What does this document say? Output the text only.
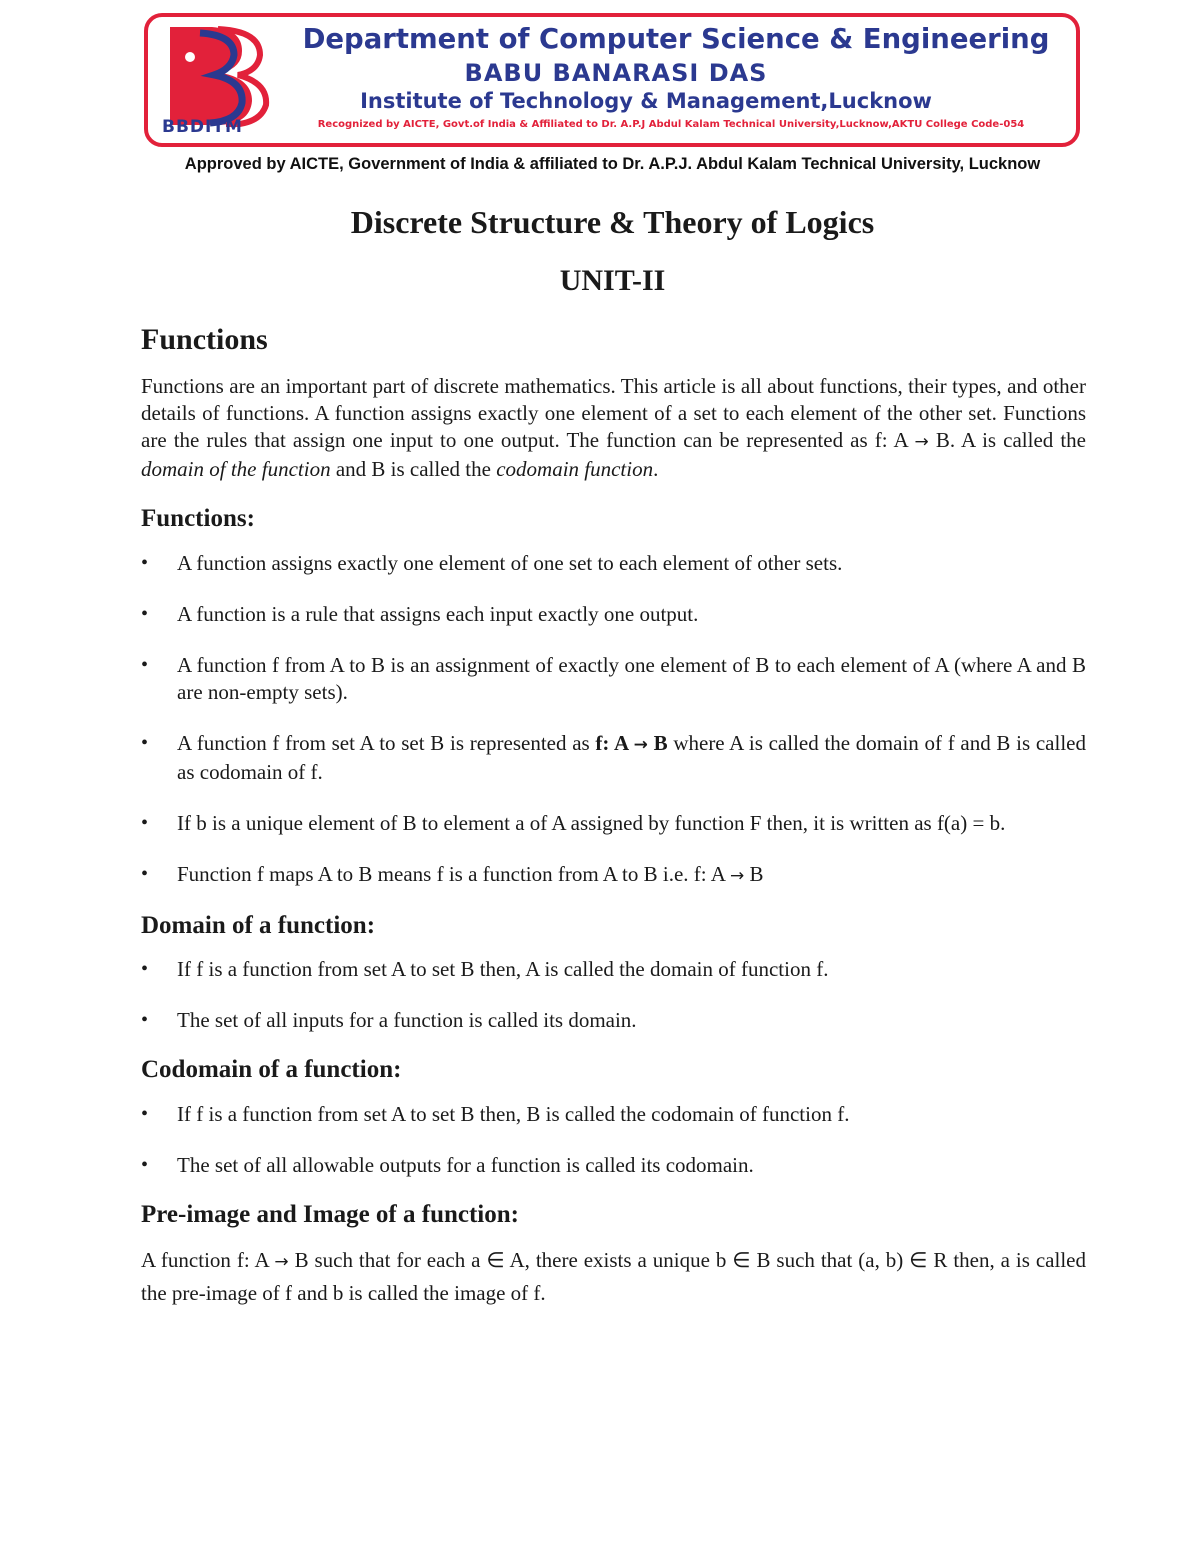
BBDITM
Department of Computer Science & Engineering
BABU BANARASI DAS
Institute of Technology & Management,Lucknow
Recognized by AICTE, Govt.of India & Affiliated to Dr. A.P.J Abdul Kalam Technical University,Lucknow,AKTU College Code-054
Approved by AICTE, Government of India & affiliated to Dr. A.P.J. Abdul Kalam Technical University, Lucknow
Discrete Structure & Theory of Logics
UNIT-II
Functions

Functions are an important part of discrete mathematics. This article is all about functions, their types, and other details of functions. A function assigns exactly one element of a set to each element of the other set. Functions are the rules that assign one input to one output. The function can be represented as f: A → B. A is called the domain of the function and B is called the codomain function.

Functions:
• A function assigns exactly one element of one set to each element of other sets.
• A function is a rule that assigns each input exactly one output.
• A function f from A to B is an assignment of exactly one element of B to each element of A (where A and B are non-empty sets).
• A function f from set A to set B is represented as f: A → B where A is called the domain of f and B is called as codomain of f.
• If b is a unique element of B to element a of A assigned by function F then, it is written as f(a) = b.
• Function f maps A to B means f is a function from A to B i.e. f: A → B
Domain of a function:
• If f is a function from set A to set B then, A is called the domain of function f.
• The set of all inputs for a function is called its domain.
Codomain of a function:
• If f is a function from set A to set B then, B is called the codomain of function f.
• The set of all allowable outputs for a function is called its codomain.
Pre-image and Image of a function:

A function f: A → B such that for each a ∈ A, there exists a unique b ∈ B such that (a, b) ∈ R then, a is called the pre-image of f and b is called the image of f.
